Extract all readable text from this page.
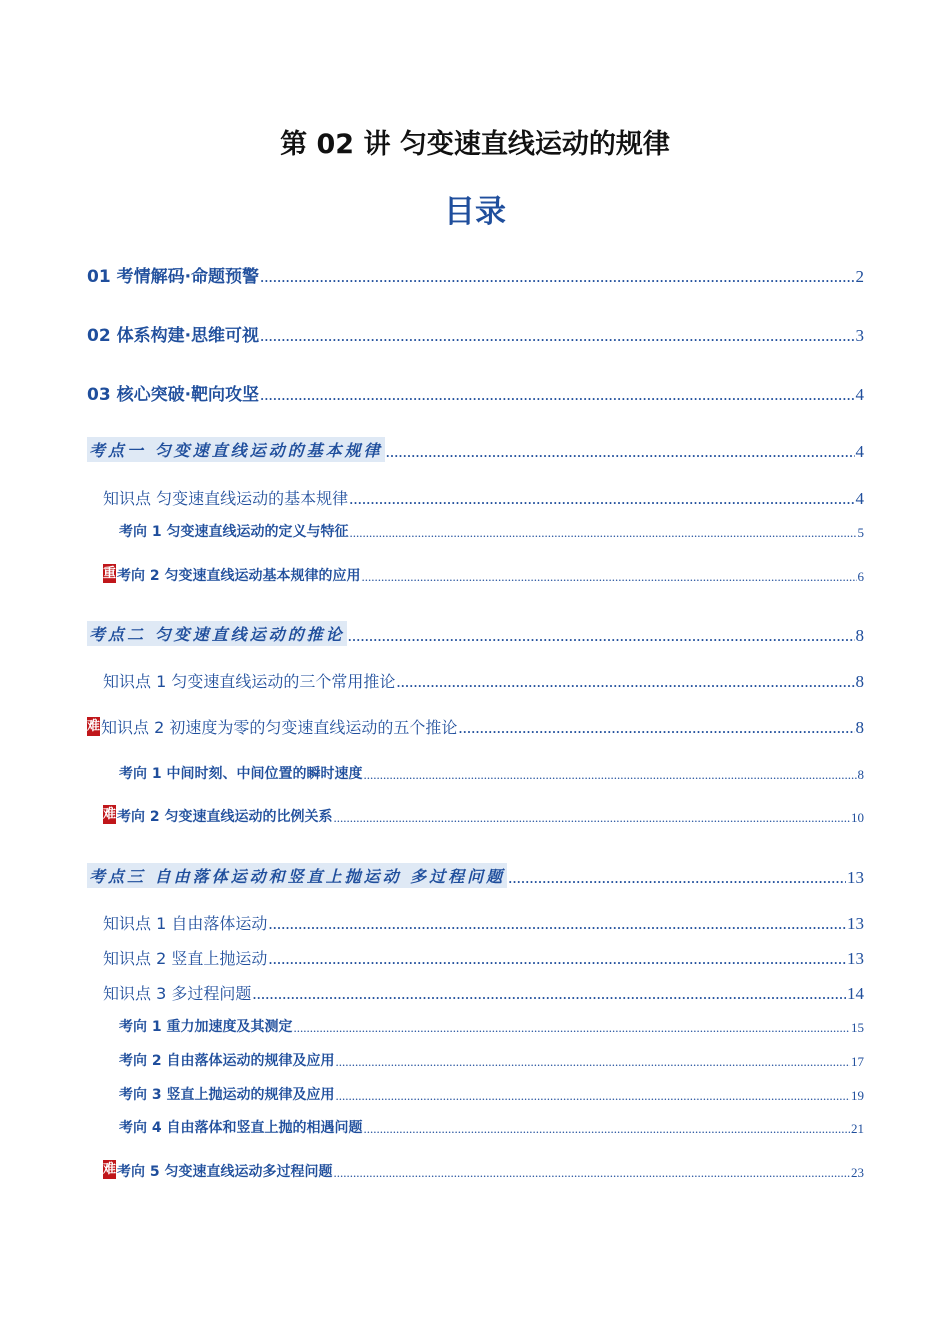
第 02 讲 匀变速直线运动的规律
目录
01 考情解码·命题预警 .....	2
02 体系构建·思维可视 .....	3
03 核心突破·靶向攻坚 .....	4
考点一 匀变速直线运动的基本规律 .....	4
知识点 匀变速直线运动的基本规律 .....	4
考向 1 匀变速直线运动的定义与特征 .....	5
重 考向 2 匀变速直线运动基本规律的应用 .....	6
考点二 匀变速直线运动的推论 .....	8
知识点 1 匀变速直线运动的三个常用推论 .....	8
难 知识点 2 初速度为零的匀变速直线运动的五个推论 .....	8
考向 1 中间时刻、中间位置的瞬时速度 .....	8
难 考向 2 匀变速直线运动的比例关系 .....	10
考点三 自由落体运动和竖直上抛运动 多过程问题 .....	13
知识点 1 自由落体运动 .....	13
知识点 2 竖直上抛运动 .....	13
知识点 3 多过程问题 .....	14
考向 1 重力加速度及其测定 .....	15
考向 2 自由落体运动的规律及应用 .....	17
考向 3 竖直上抛运动的规律及应用 .....	19
考向 4 自由落体和竖直上抛的相遇问题 .....	21
难 考向 5 匀变速直线运动多过程问题 .....	23
